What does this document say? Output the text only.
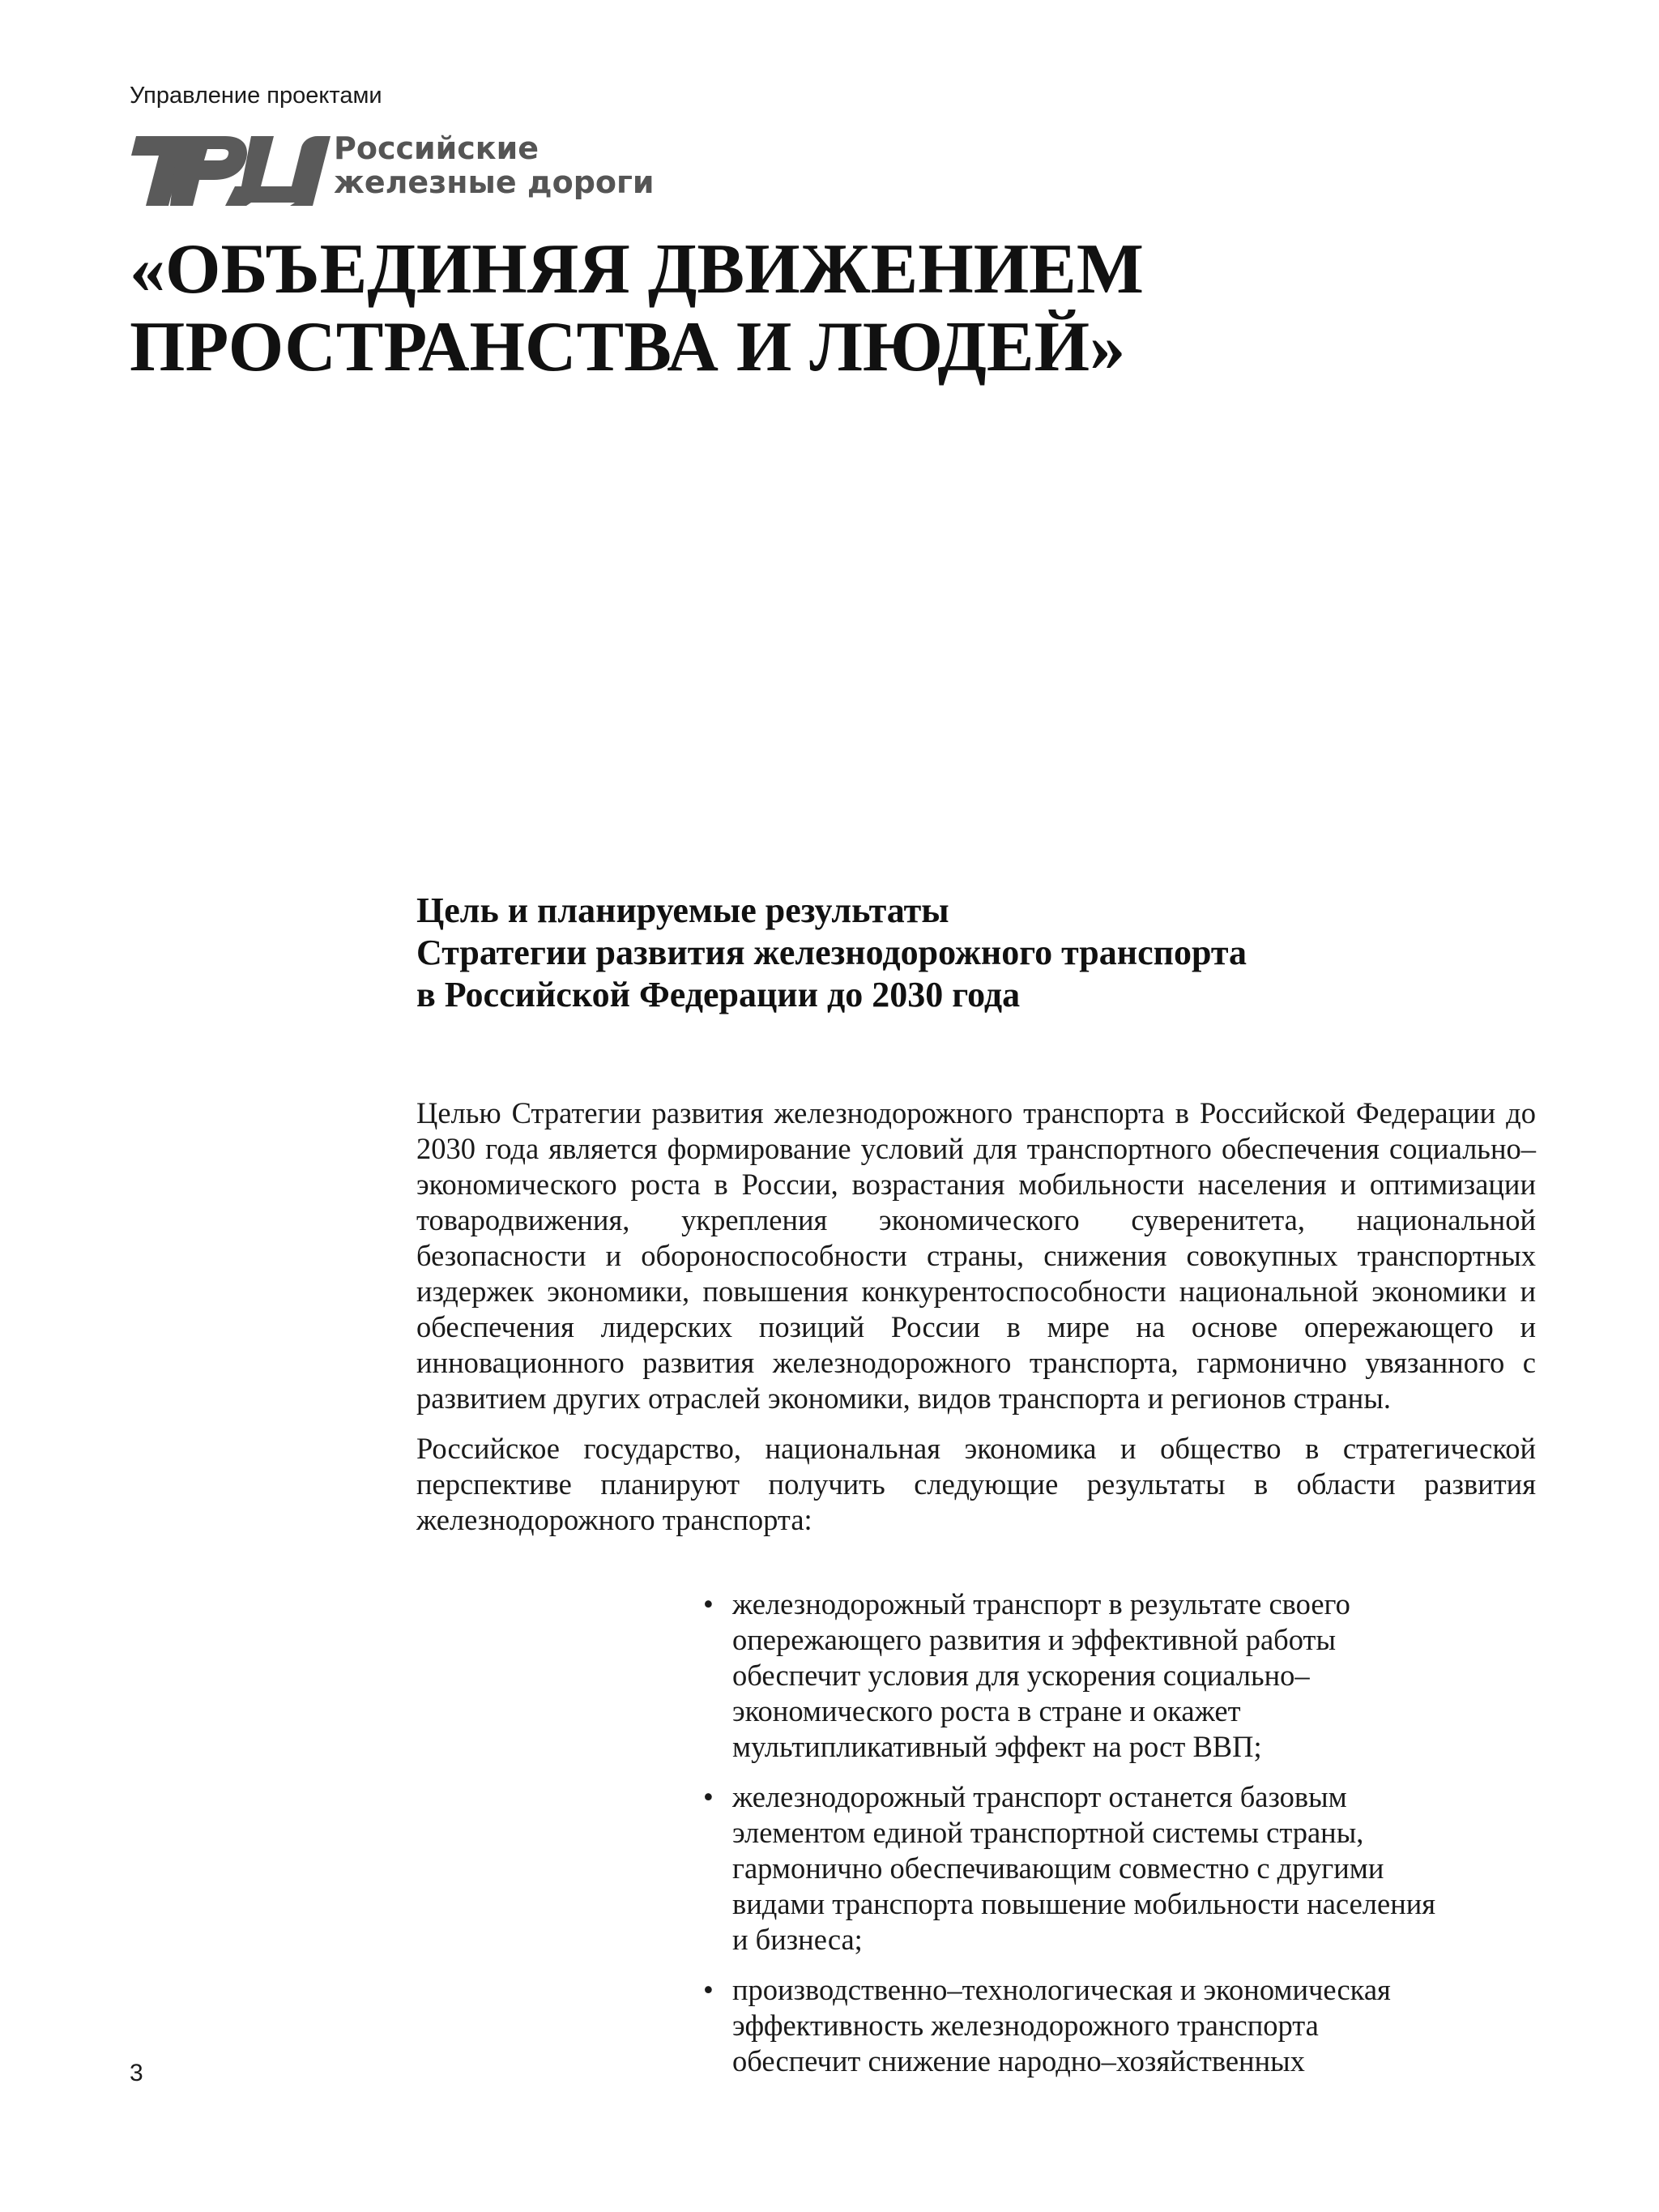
Управление проектами
Российские
железные дороги
«ОБЪЕДИНЯЯ ДВИЖЕНИЕМ
ПРОСТРАНСТВА И ЛЮДЕЙ»
Цель и планируемые результаты
Стратегии развития железнодорожного транспорта
в Российской Федерации до 2030 года

Целью Стратегии развития железнодорожного транспорта в Российской Федерации до 2030 года является формирование условий для транспортного обеспечения социально–экономического роста в России, возрастания мобильности населения и оптимизации товародвижения, укрепления экономического суверенитета, национальной безопасности и обороноспособности страны, снижения совокупных транспортных издержек экономики, повышения конкурентоспособности национальной экономики и обеспечения лидерских позиций России в мире на основе опережающего и инновационного развития железнодорожного транспорта, гармонично увязанного с развитием других отраслей экономики, видов транспорта и регионов страны.

Российское государство, национальная экономика и общество в стратегической перспективе планируют получить следующие результаты в области развития железнодорожного транспорта:

• железнодорожный транспорт в результате своего
опережающего развития и эффективной работы
обеспечит условия для ускорения социально–
экономического роста в стране и окажет
мультипликативный эффект на рост ВВП;
• железнодорожный транспорт останется базовым
элементом единой транспортной системы страны,
гармонично обеспечивающим совместно с другими
видами транспорта повышение мобильности населения
и бизнеса;
• производственно–технологическая и экономическая
эффективность железнодорожного транспорта
обеспечит снижение народно–хозяйственных
3
